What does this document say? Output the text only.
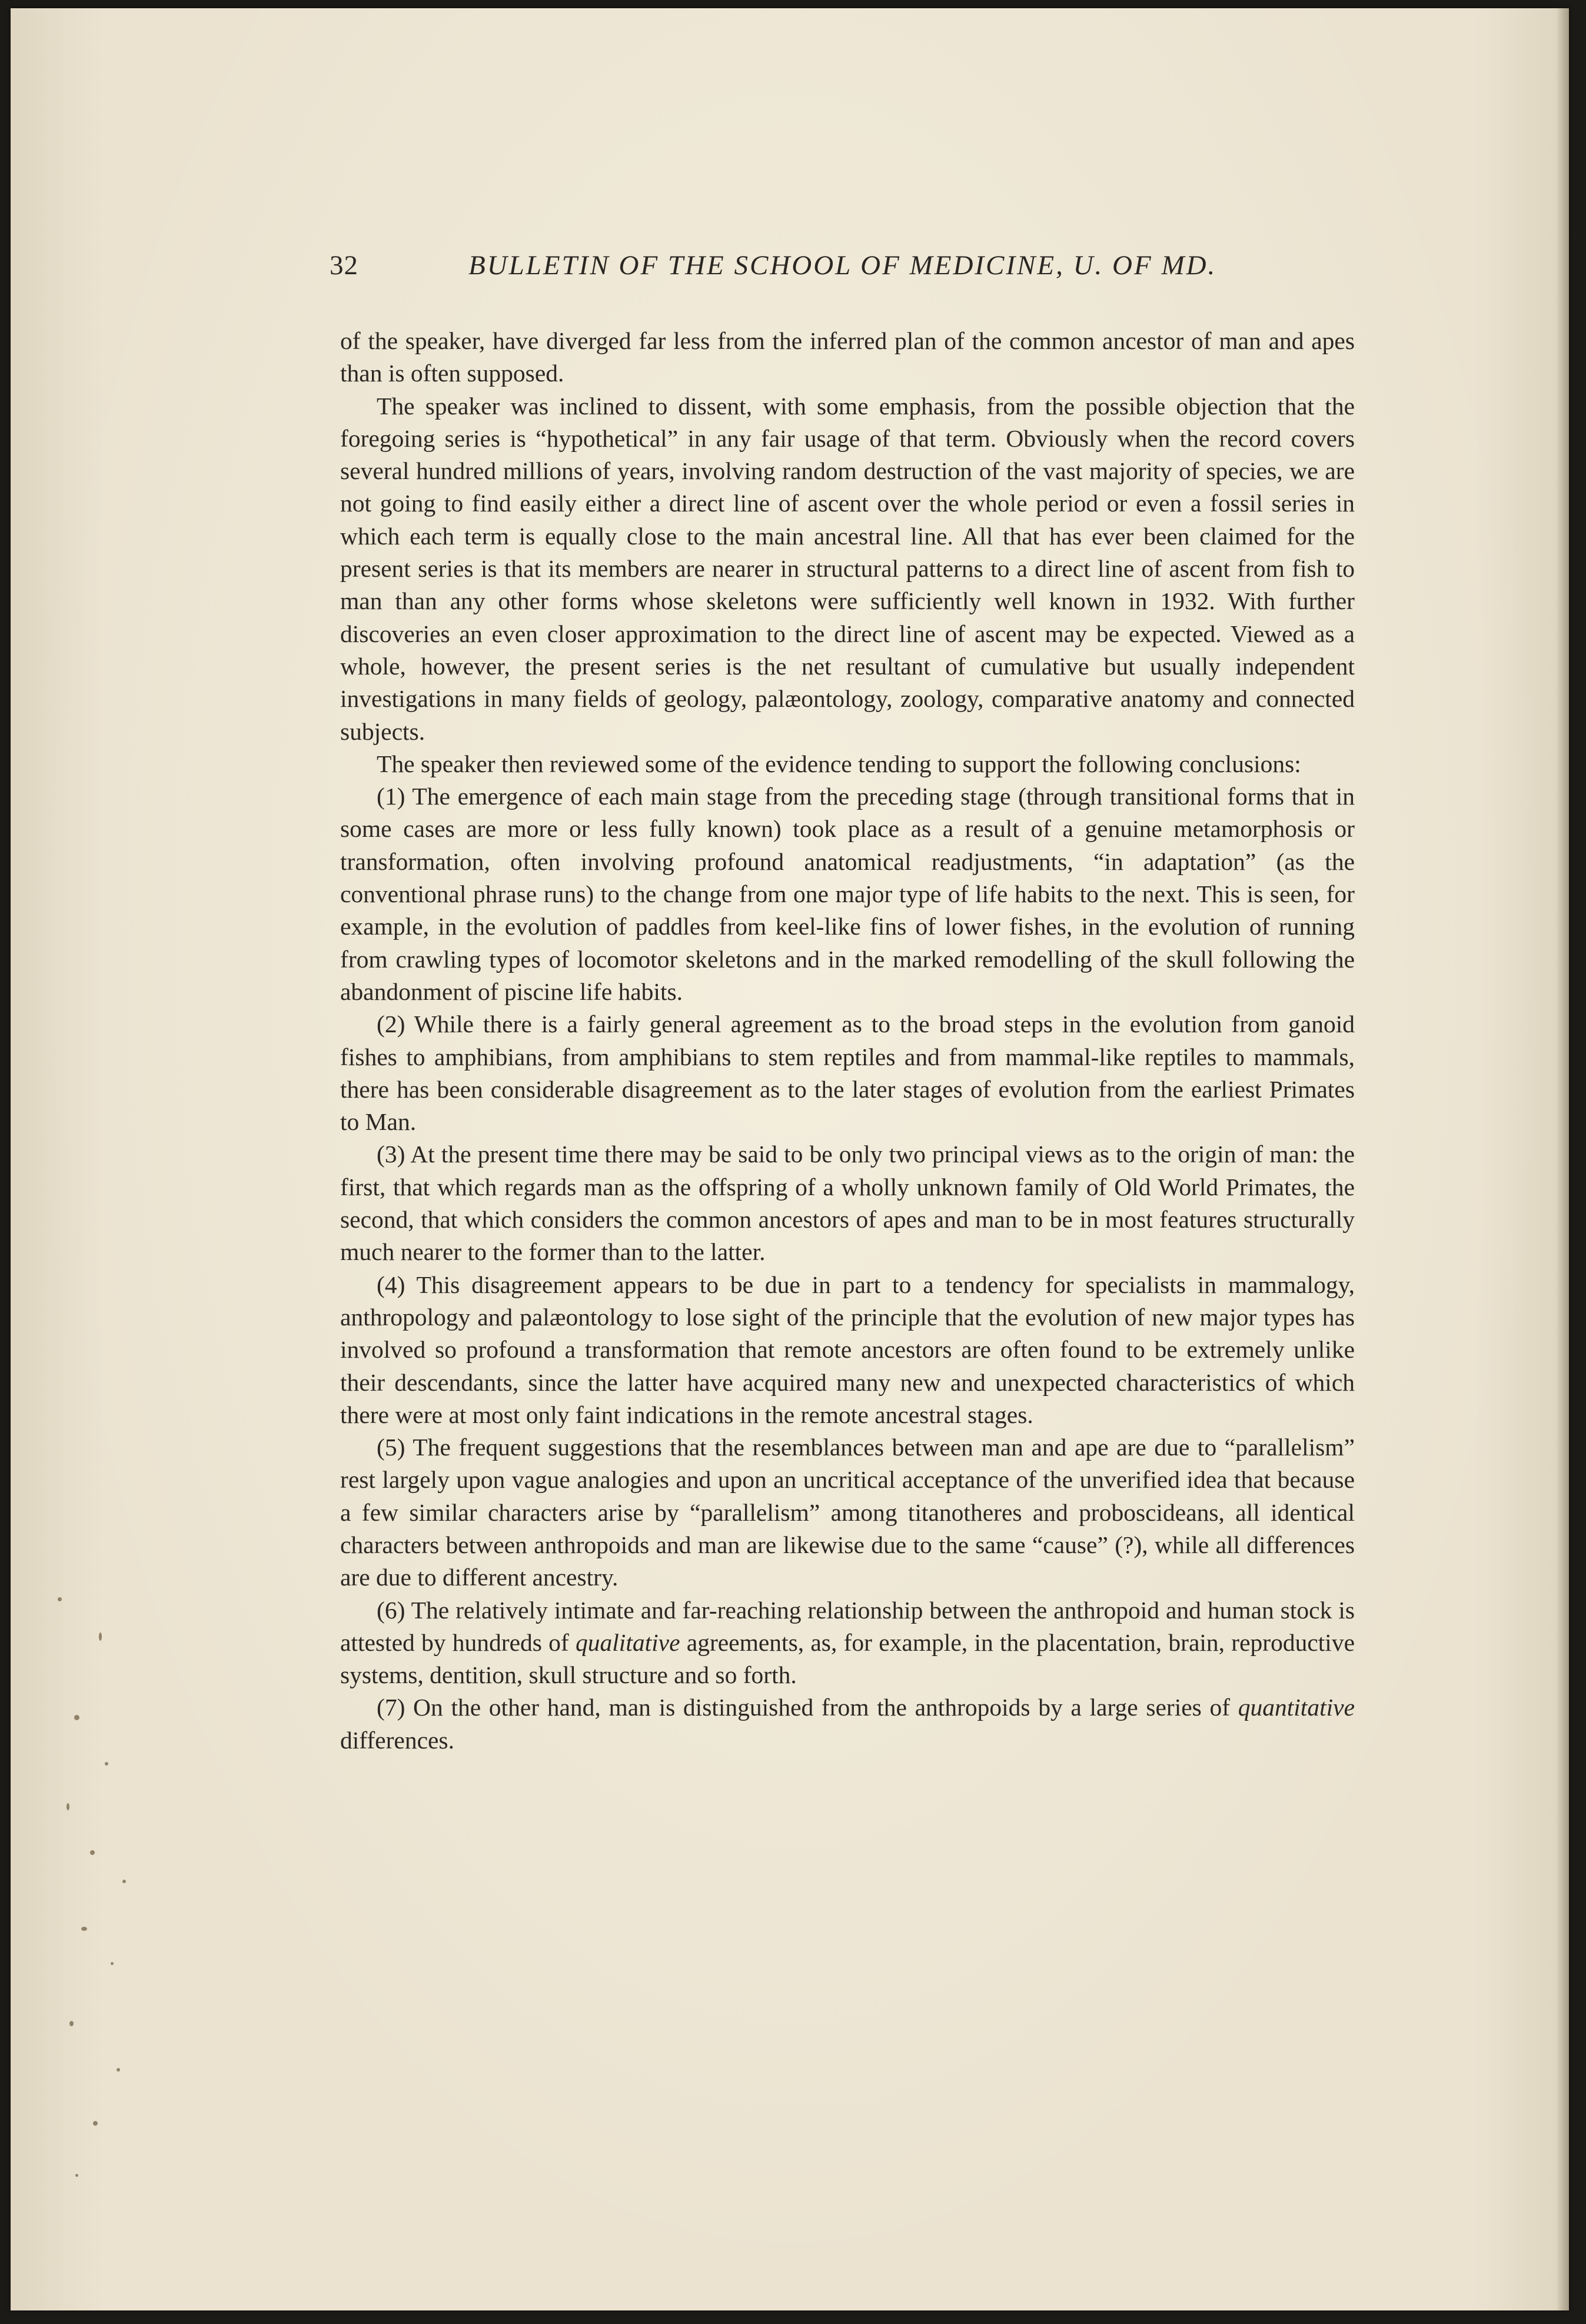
32	BULLETIN OF THE SCHOOL OF MEDICINE, U. OF MD.

of the speaker, have diverged far less from the inferred plan of the common ancestor of man and apes than is often supposed.

The speaker was inclined to dissent, with some emphasis, from the possible objection that the foregoing series is “hypothetical” in any fair usage of that term. Obviously when the record covers several hundred millions of years, involving random destruction of the vast majority of species, we are not going to find easily either a direct line of ascent over the whole period or even a fossil series in which each term is equally close to the main ancestral line. All that has ever been claimed for the present series is that its members are nearer in structural patterns to a direct line of ascent from fish to man than any other forms whose skeletons were sufficiently well known in 1932. With further discoveries an even closer approximation to the direct line of ascent may be expected. Viewed as a whole, however, the present series is the net resultant of cumulative but usually independent investigations in many fields of geology, palæontology, zoology, comparative anatomy and connected subjects.

The speaker then reviewed some of the evidence tending to support the following conclusions:

(1) The emergence of each main stage from the preceding stage (through transitional forms that in some cases are more or less fully known) took place as a result of a genuine metamorphosis or transformation, often involving profound anatomical readjustments, “in adaptation” (as the conventional phrase runs) to the change from one major type of life habits to the next. This is seen, for example, in the evolution of paddles from keel-like fins of lower fishes, in the evolution of running from crawling types of locomotor skeletons and in the marked remodelling of the skull following the abandonment of piscine life habits.

(2) While there is a fairly general agreement as to the broad steps in the evolution from ganoid fishes to amphibians, from amphibians to stem reptiles and from mammal-like reptiles to mammals, there has been considerable disagreement as to the later stages of evolution from the earliest Primates to Man.

(3) At the present time there may be said to be only two principal views as to the origin of man: the first, that which regards man as the offspring of a wholly unknown family of Old World Primates, the second, that which considers the common ancestors of apes and man to be in most features structurally much nearer to the former than to the latter.

(4) This disagreement appears to be due in part to a tendency for specialists in mammalogy, anthropology and palæontology to lose sight of the principle that the evolution of new major types has involved so profound a transformation that remote ancestors are often found to be extremely unlike their descendants, since the latter have acquired many new and unexpected characteristics of which there were at most only faint indications in the remote ancestral stages.

(5) The frequent suggestions that the resemblances between man and ape are due to “parallelism” rest largely upon vague analogies and upon an uncritical acceptance of the unverified idea that because a few similar characters arise by “parallelism” among titanotheres and proboscideans, all identical characters between anthropoids and man are likewise due to the same “cause” (?), while all differences are due to different ancestry.

(6) The relatively intimate and far-reaching relationship between the anthropoid and human stock is attested by hundreds of qualitative agreements, as, for example, in the placentation, brain, reproductive systems, dentition, skull structure and so forth.

(7) On the other hand, man is distinguished from the anthropoids by a large series of quantitative differences.
